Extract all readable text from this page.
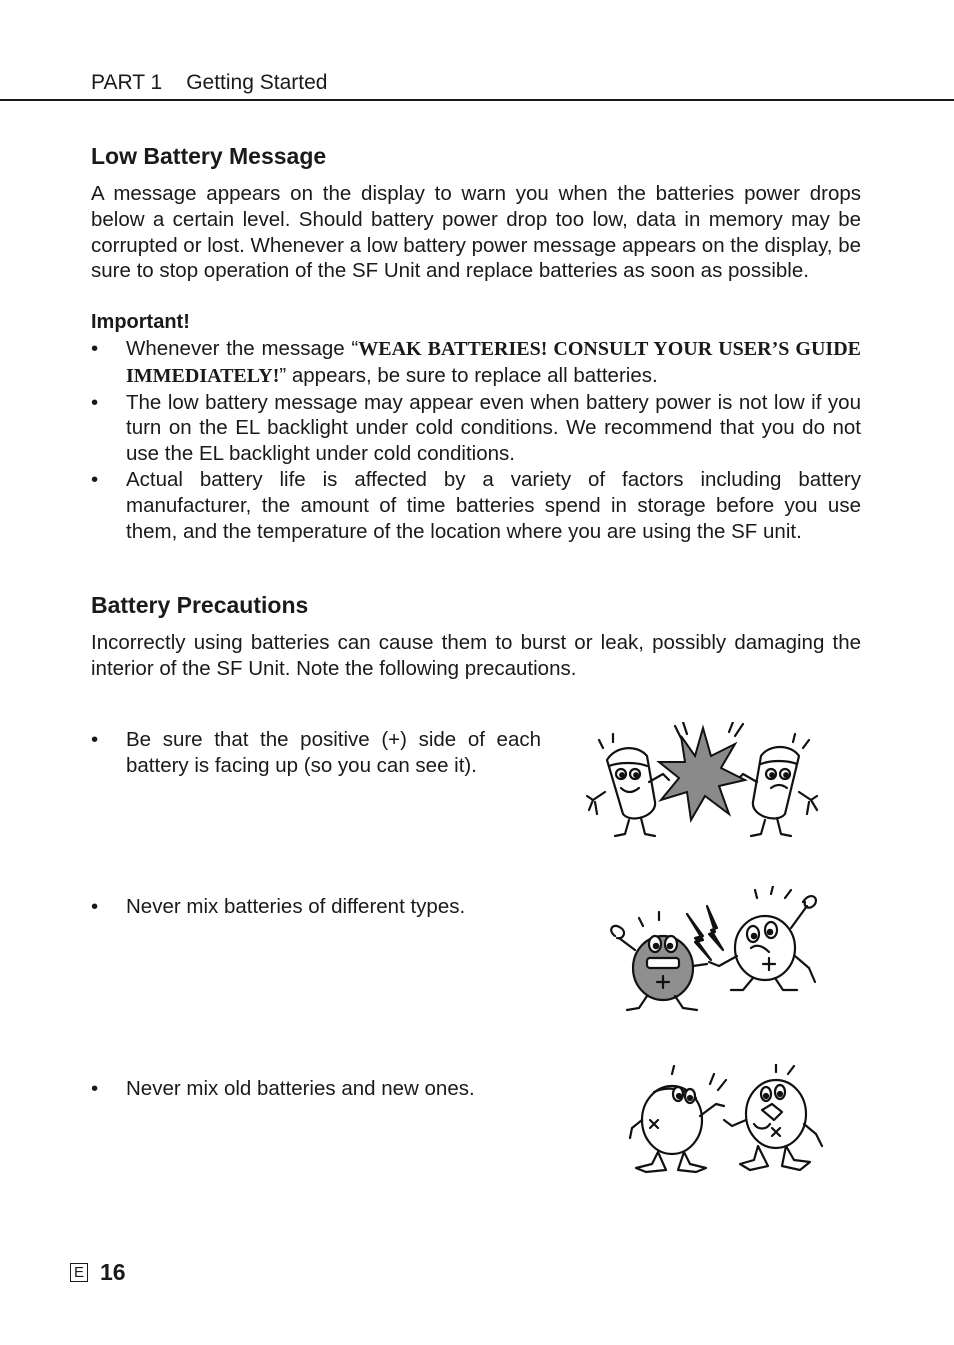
PART 1 Getting Started
Low Battery Message

A message appears on the display to warn you when the batteries power drops below a certain level. Should battery power drop too low, data in memory may be corrupted or lost. Whenever a low battery power message appears on the display, be sure to stop operation of the SF Unit and replace batteries as soon as possible.

Important!
• Whenever the message “WEAK BATTERIES! CONSULT YOUR USER’S GUIDE IMMEDIATELY!” appears, be sure to replace all batteries.
• The low battery message may appear even when battery power is not low if you turn on the EL backlight under cold conditions. We recommend that you do not use the EL backlight under cold conditions.
• Actual battery life is affected by a variety of factors including battery manufacturer, the amount of time batteries spend in storage before you use them, and the temperature of the location where you are using the SF unit.
Battery Precautions

Incorrectly using batteries can cause them to burst or leak, possibly damaging the interior of the SF Unit. Note the following precautions.

• Be sure that the positive (+) side of each battery is facing up (so you can see it).
• Never mix batteries of different types.
• Never mix old batteries and new ones.
E 16
